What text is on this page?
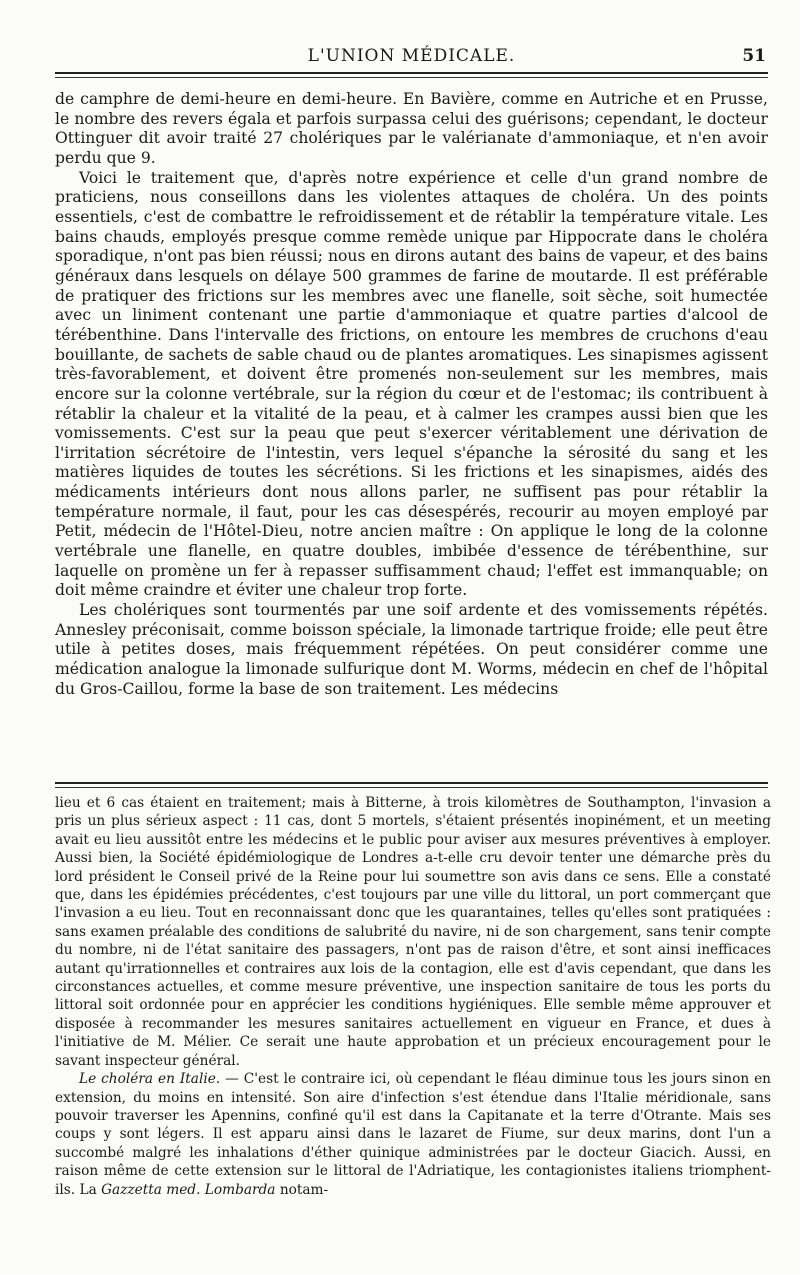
L'UNION MÉDICALE.	51

de camphre de demi-heure en demi-heure. En Bavière, comme en Autriche et en Prusse, le nombre des revers égala et parfois surpassa celui des guérisons; cependant, le docteur Ottinguer dit avoir traité 27 cholériques par le valérianate d'ammoniaque, et n'en avoir perdu que 9.

Voici le traitement que, d'après notre expérience et celle d'un grand nombre de praticiens, nous conseillons dans les violentes attaques de choléra. Un des points essentiels, c'est de combattre le refroidissement et de rétablir la température vitale. Les bains chauds, employés presque comme remède unique par Hippocrate dans le choléra sporadique, n'ont pas bien réussi; nous en dirons autant des bains de vapeur, et des bains généraux dans lesquels on délaye 500 grammes de farine de moutarde. Il est préférable de pratiquer des frictions sur les membres avec une flanelle, soit sèche, soit humectée avec un liniment contenant une partie d'ammoniaque et quatre parties d'alcool de térébenthine. Dans l'intervalle des frictions, on entoure les membres de cruchons d'eau bouillante, de sachets de sable chaud ou de plantes aromatiques. Les sinapismes agissent très-favorablement, et doivent être promenés non-seulement sur les membres, mais encore sur la colonne vertébrale, sur la région du cœur et de l'estomac; ils contribuent à rétablir la chaleur et la vitalité de la peau, et à calmer les crampes aussi bien que les vomissements. C'est sur la peau que peut s'exercer véritablement une dérivation de l'irritation sécrétoire de l'intestin, vers lequel s'épanche la sérosité du sang et les matières liquides de toutes les sécrétions. Si les frictions et les sinapismes, aidés des médicaments intérieurs dont nous allons parler, ne suffisent pas pour rétablir la température normale, il faut, pour les cas désespérés, recourir au moyen employé par Petit, médecin de l'Hôtel-Dieu, notre ancien maître : On applique le long de la colonne vertébrale une flanelle, en quatre doubles, imbibée d'essence de térébenthine, sur laquelle on promène un fer à repasser suffisamment chaud; l'effet est immanquable; on doit même craindre et éviter une chaleur trop forte.

Les cholériques sont tourmentés par une soif ardente et des vomissements répétés. Annesley préconisait, comme boisson spéciale, la limonade tartrique froide; elle peut être utile à petites doses, mais fréquemment répétées. On peut considérer comme une médication analogue la limonade sulfurique dont M. Worms, médecin en chef de l'hôpital du Gros-Caillou, forme la base de son traitement. Les médecins

lieu et 6 cas étaient en traitement; mais à Bitterne, à trois kilomètres de Southampton, l'invasion a pris un plus sérieux aspect : 11 cas, dont 5 mortels, s'étaient présentés inopinément, et un meeting avait eu lieu aussitôt entre les médecins et le public pour aviser aux mesures préventives à employer. Aussi bien, la Société épidémiologique de Londres a-t-elle cru devoir tenter une démarche près du lord président le Conseil privé de la Reine pour lui soumettre son avis dans ce sens. Elle a constaté que, dans les épidémies précédentes, c'est toujours par une ville du littoral, un port commerçant que l'invasion a eu lieu. Tout en reconnaissant donc que les quarantaines, telles qu'elles sont pratiquées : sans examen préalable des conditions de salubrité du navire, ni de son chargement, sans tenir compte du nombre, ni de l'état sanitaire des passagers, n'ont pas de raison d'être, et sont ainsi inefficaces autant qu'irrationnelles et contraires aux lois de la contagion, elle est d'avis cependant, que dans les circonstances actuelles, et comme mesure préventive, une inspection sanitaire de tous les ports du littoral soit ordonnée pour en apprécier les conditions hygiéniques. Elle semble même approuver et disposée à recommander les mesures sanitaires actuellement en vigueur en France, et dues à l'initiative de M. Mélier. Ce serait une haute approbation et un précieux encouragement pour le savant inspecteur général.

Le choléra en Italie. — C'est le contraire ici, où cependant le fléau diminue tous les jours sinon en extension, du moins en intensité. Son aire d'infection s'est étendue dans l'Italie méridionale, sans pouvoir traverser les Apennins, confiné qu'il est dans la Capitanate et la terre d'Otrante. Mais ses coups y sont légers. Il est apparu ainsi dans le lazaret de Fiume, sur deux marins, dont l'un a succombé malgré les inhalations d'éther quinique administrées par le docteur Giacich. Aussi, en raison même de cette extension sur le littoral de l'Adriatique, les contagionistes italiens triomphent-ils. La Gazzetta med. Lombarda notam-
